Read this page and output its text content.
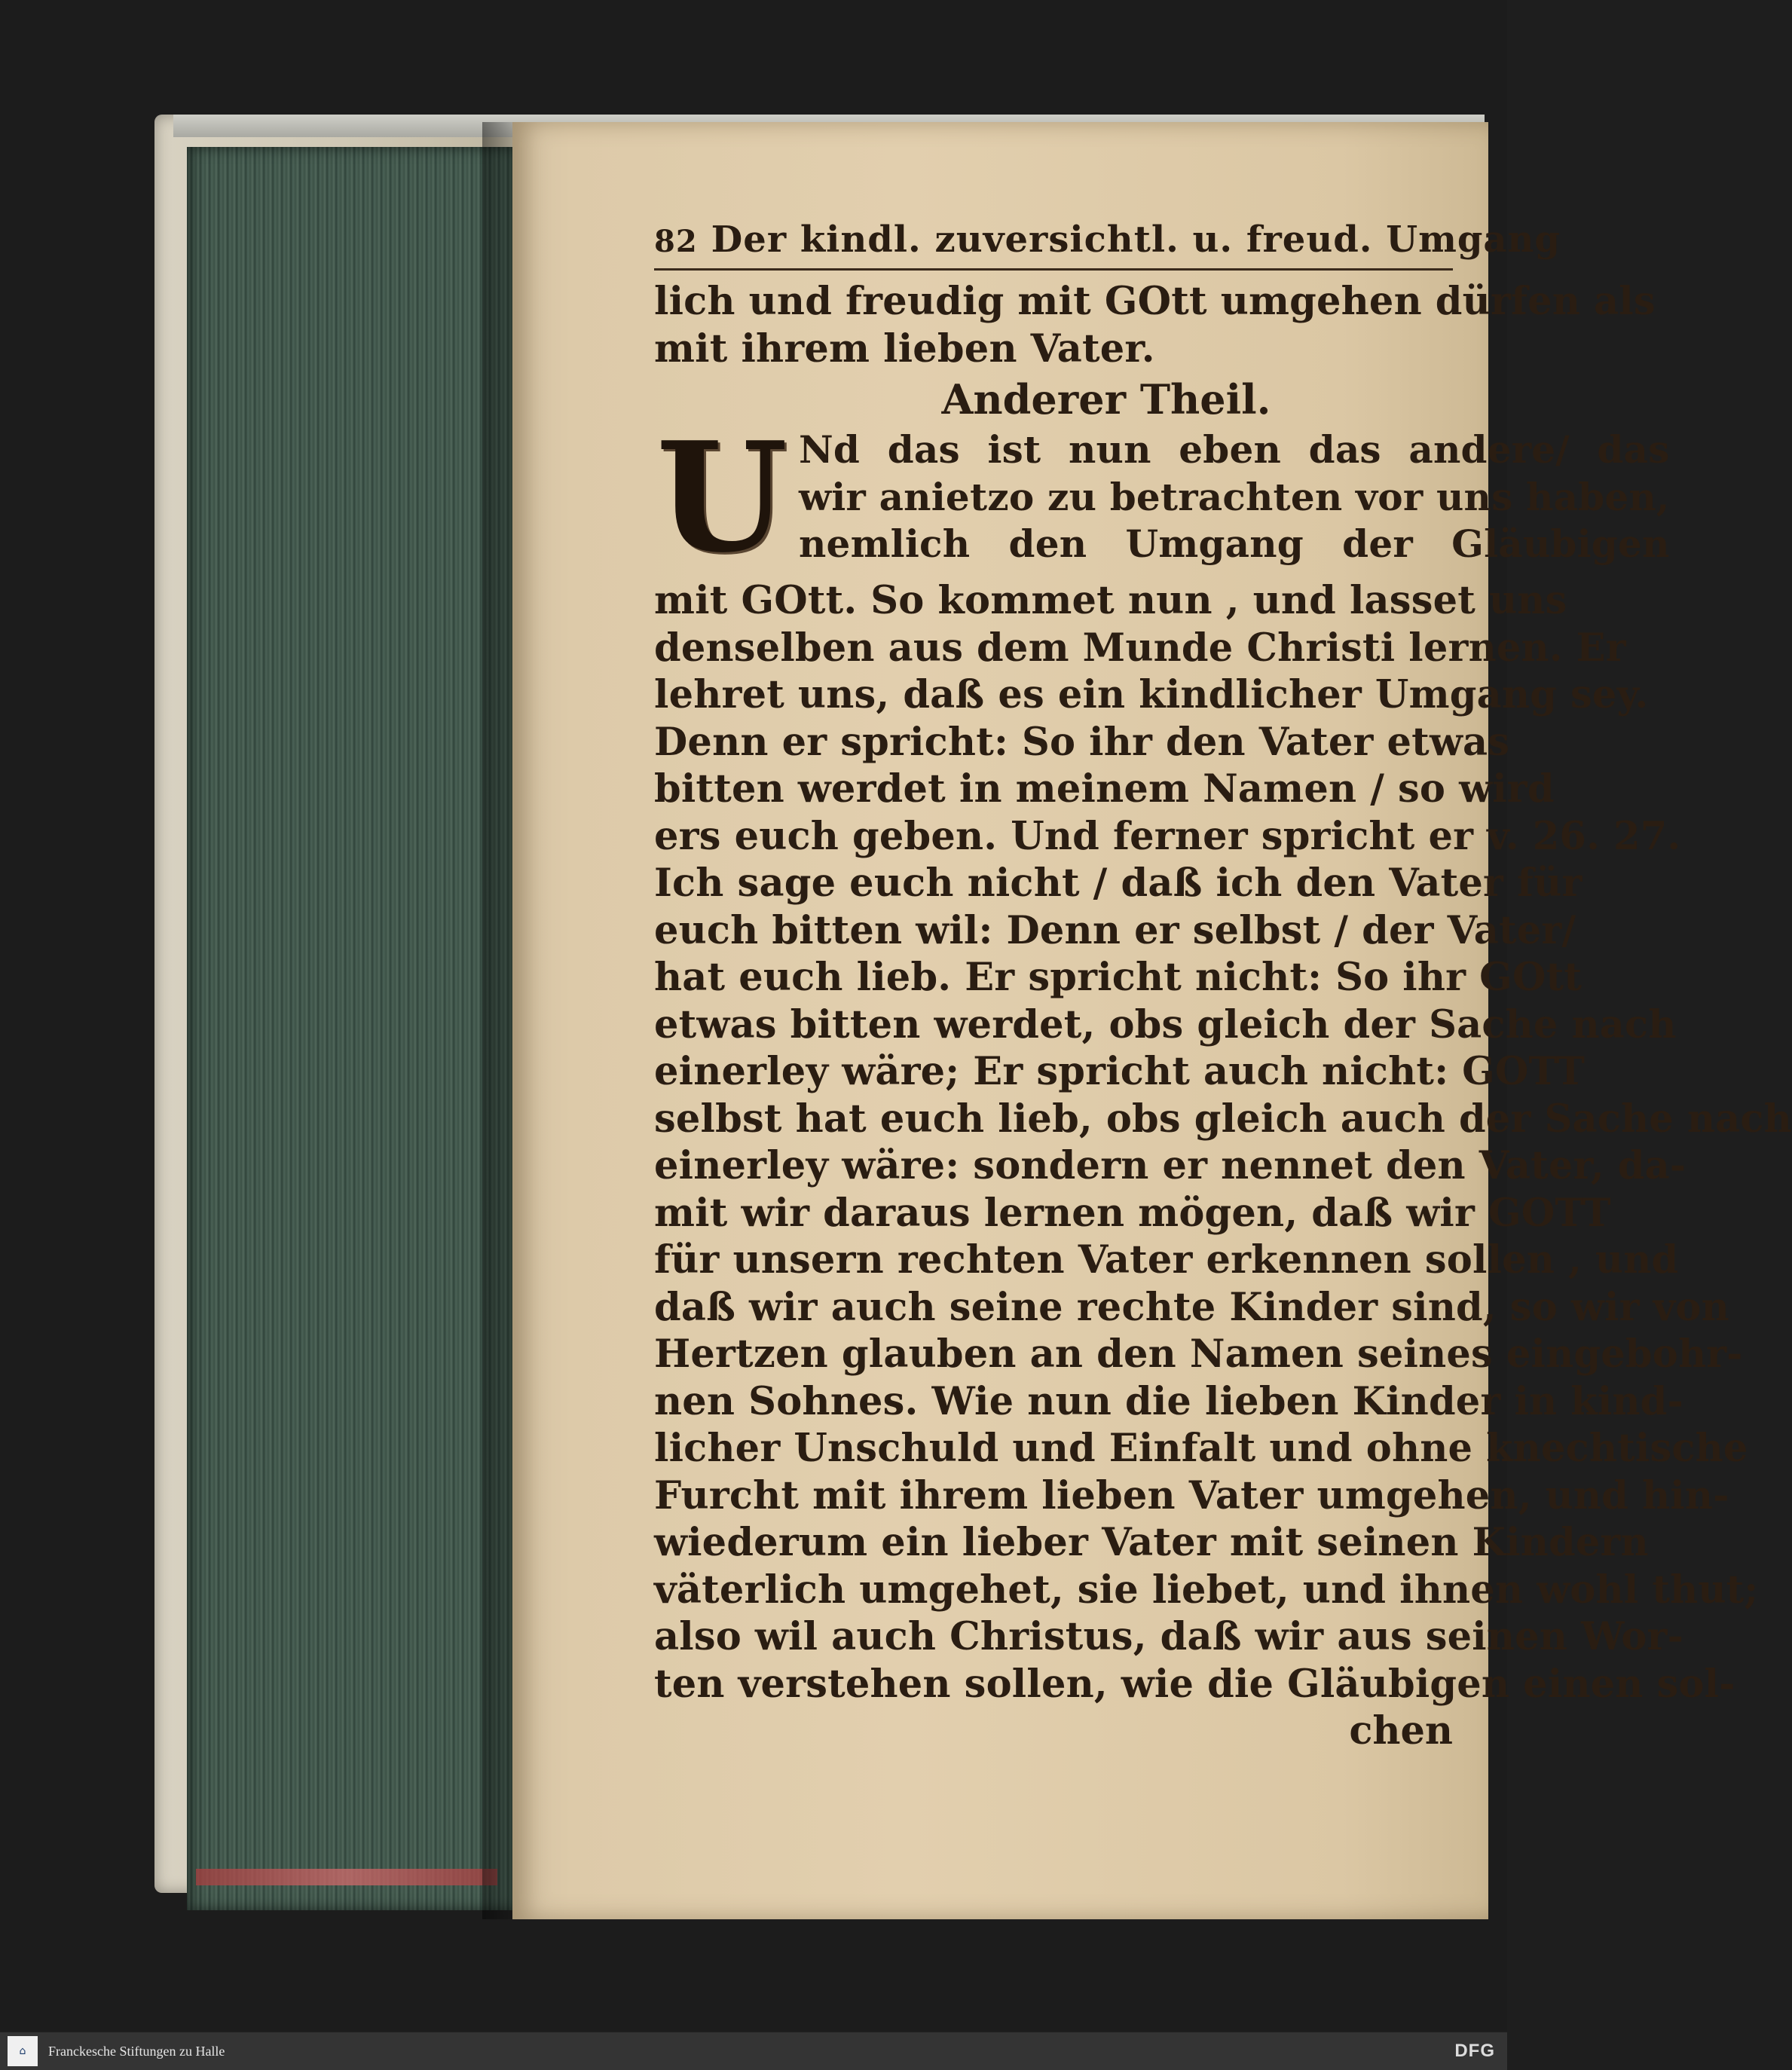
82 Der kindl. zuversichtl. u. freud. Umgang
lich und freudig mit GOtt umgehen dürfen als
mit ihrem lieben Vater.
Anderer Theil.
U Nd das ist nun eben das andere/ das
wir anietzo zu betrachten vor uns haben,
nemlich den Umgang der Gläubigen
mit GOtt. So kommet nun , und lasset uns
denselben aus dem Munde Christi lernen. Er
lehret uns, daß es ein kindlicher Umgang sey.
Denn er spricht: So ihr den Vater etwas
bitten werdet in meinem Namen / so wird
ers euch geben. Und ferner spricht er v. 26. 27.
Ich sage euch nicht / daß ich den Vater für
euch bitten wil: Denn er selbst / der Vater/
hat euch lieb. Er spricht nicht: So ihr GOtt
etwas bitten werdet, obs gleich der Sache nach
einerley wäre; Er spricht auch nicht: GOTT
selbst hat euch lieb, obs gleich auch der Sache nach
einerley wäre: sondern er nennet den Vater, da-
mit wir daraus lernen mögen, daß wir GOTT
für unsern rechten Vater erkennen sollen , und
daß wir auch seine rechte Kinder sind, so wir von
Hertzen glauben an den Namen seines eingebohr-
nen Sohnes. Wie nun die lieben Kinder in kind-
licher Unschuld und Einfalt und ohne knechtische
Furcht mit ihrem lieben Vater umgehen, und hin-
wiederum ein lieber Vater mit seinen Kindern
väterlich umgehet, sie liebet, und ihnen wohl thut;
also wil auch Christus, daß wir aus seinen Wor-
ten verstehen sollen, wie die Gläubigen einen sol-
chen
⌂	Franckesche Stiftungen zu Halle	DFG
